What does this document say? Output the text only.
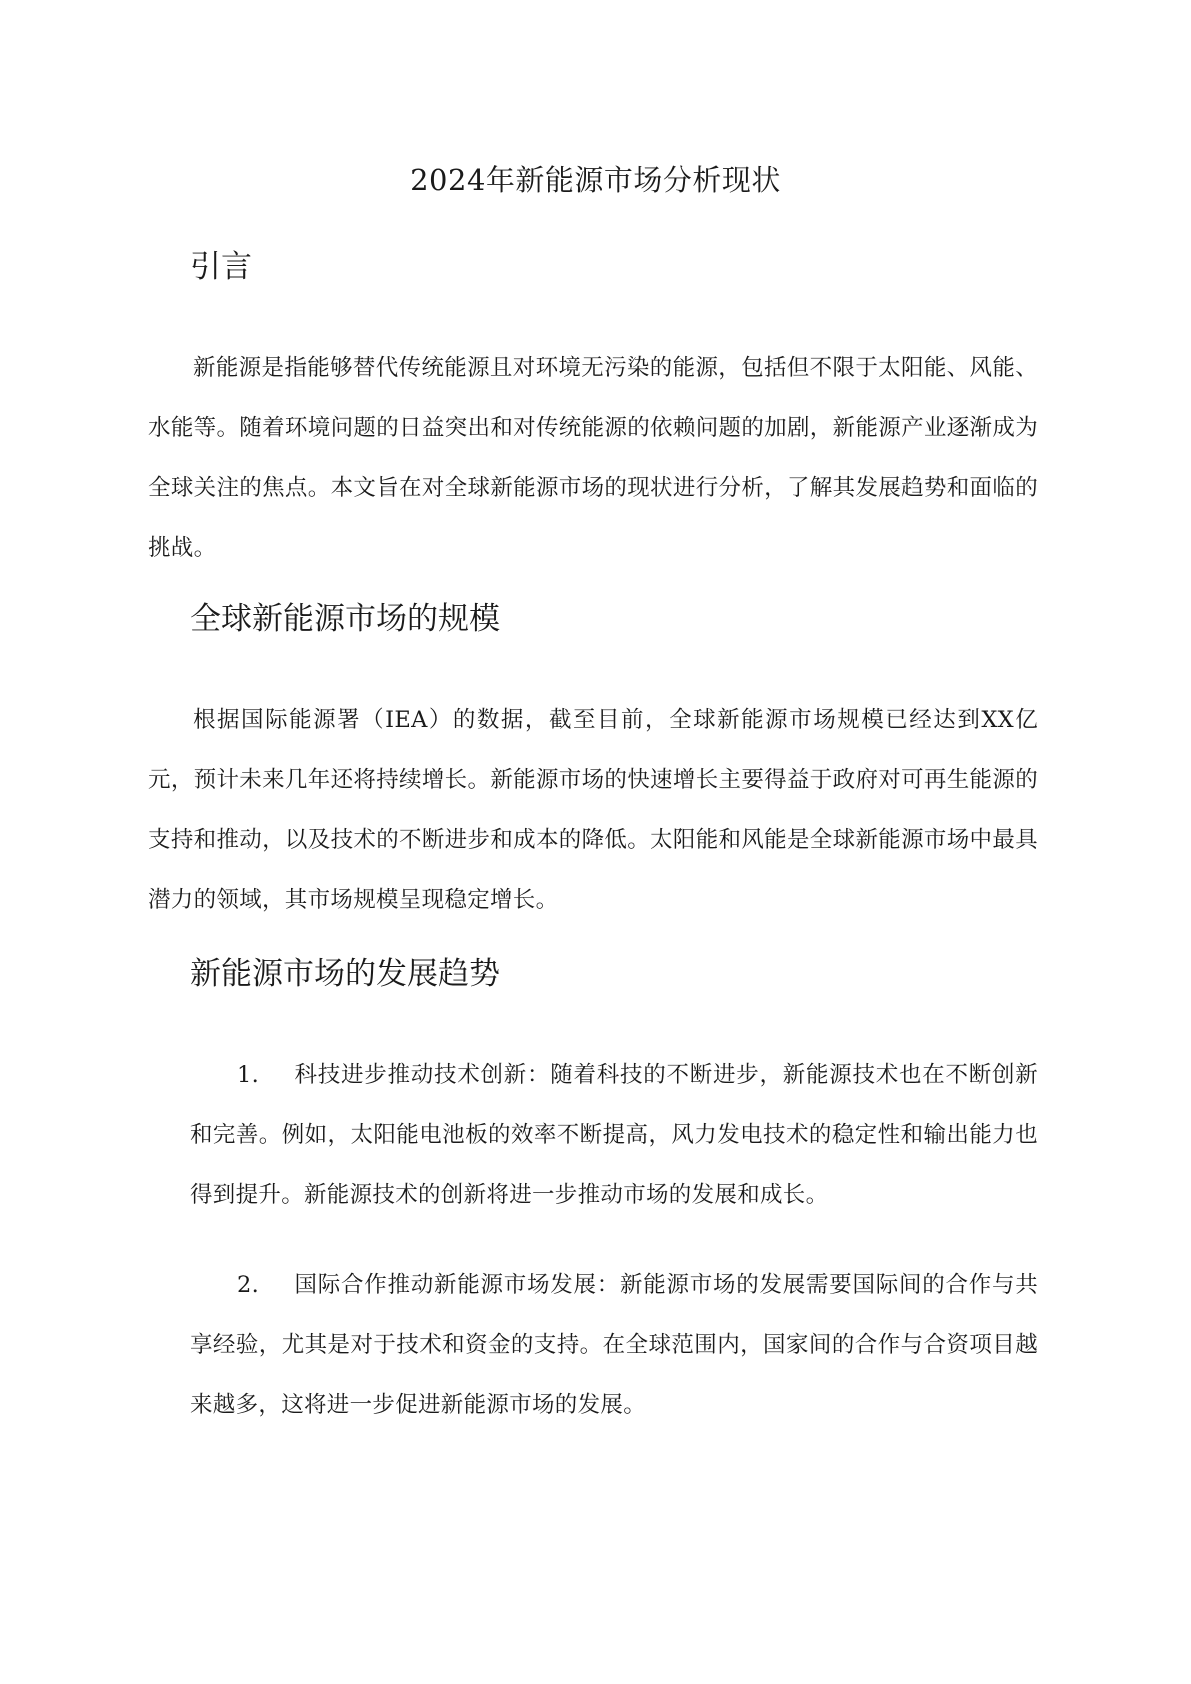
2024年新能源市场分析现状
引言

新能源是指能够替代传统能源且对环境无污染的能源，包括但不限于太阳能、风能、水能等。随着环境问题的日益突出和对传统能源的依赖问题的加剧，新能源产业逐渐成为全球关注的焦点。本文旨在对全球新能源市场的现状进行分析，了解其发展趋势和面临的挑战。

全球新能源市场的规模

根据国际能源署（IEA）的数据，截至目前，全球新能源市场规模已经达到XX亿元，预计未来几年还将持续增长。新能源市场的快速增长主要得益于政府对可再生能源的支持和推动，以及技术的不断进步和成本的降低。太阳能和风能是全球新能源市场中最具潜力的领域，其市场规模呈现稳定增长。

新能源市场的发展趋势
1. 科技进步推动技术创新：随着科技的不断进步，新能源技术也在不断创新和完善。例如，太阳能电池板的效率不断提高，风力发电技术的稳定性和输出能力也得到提升。新能源技术的创新将进一步推动市场的发展和成长。
2. 国际合作推动新能源市场发展：新能源市场的发展需要国际间的合作与共享经验，尤其是对于技术和资金的支持。在全球范围内，国家间的合作与合资项目越来越多，这将进一步促进新能源市场的发展。
